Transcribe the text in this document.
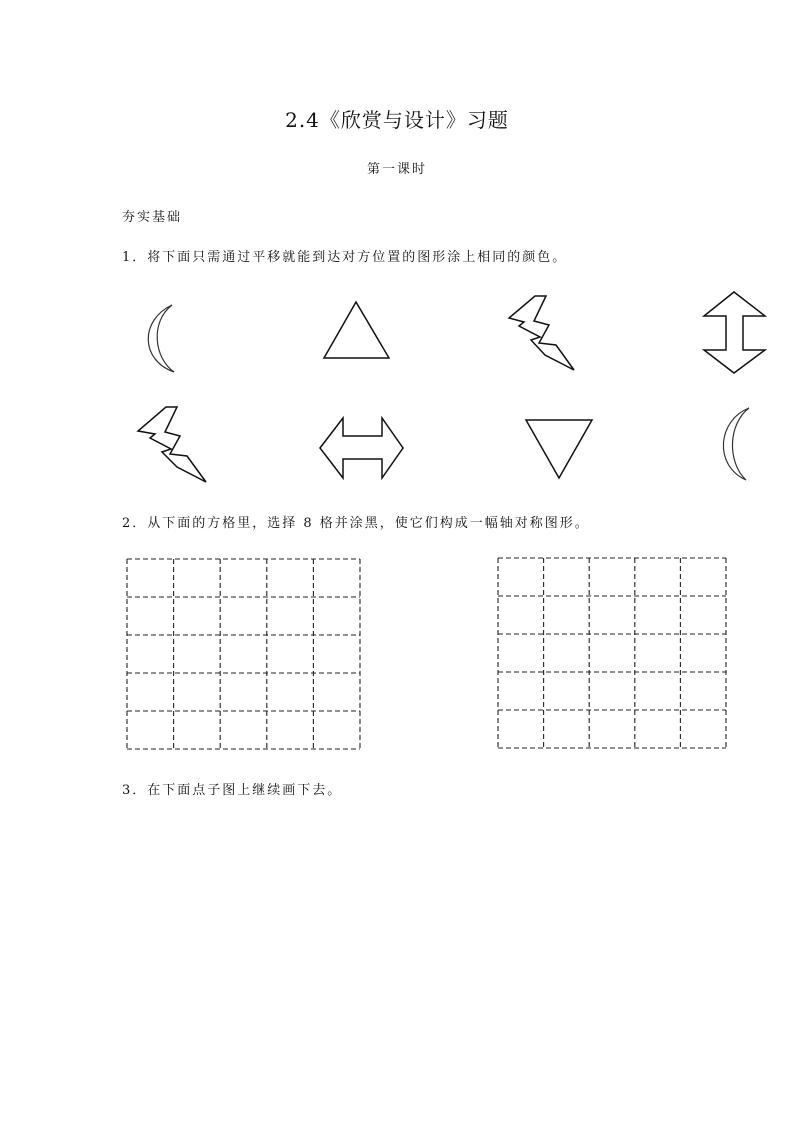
2.4《欣赏与设计》习题
第一课时
夯实基础
1．将下面只需通过平移就能到达对方位置的图形涂上相同的颜色。
2．从下面的方格里，选择 8 格并涂黑，使它们构成一幅轴对称图形。
3．在下面点子图上继续画下去。
